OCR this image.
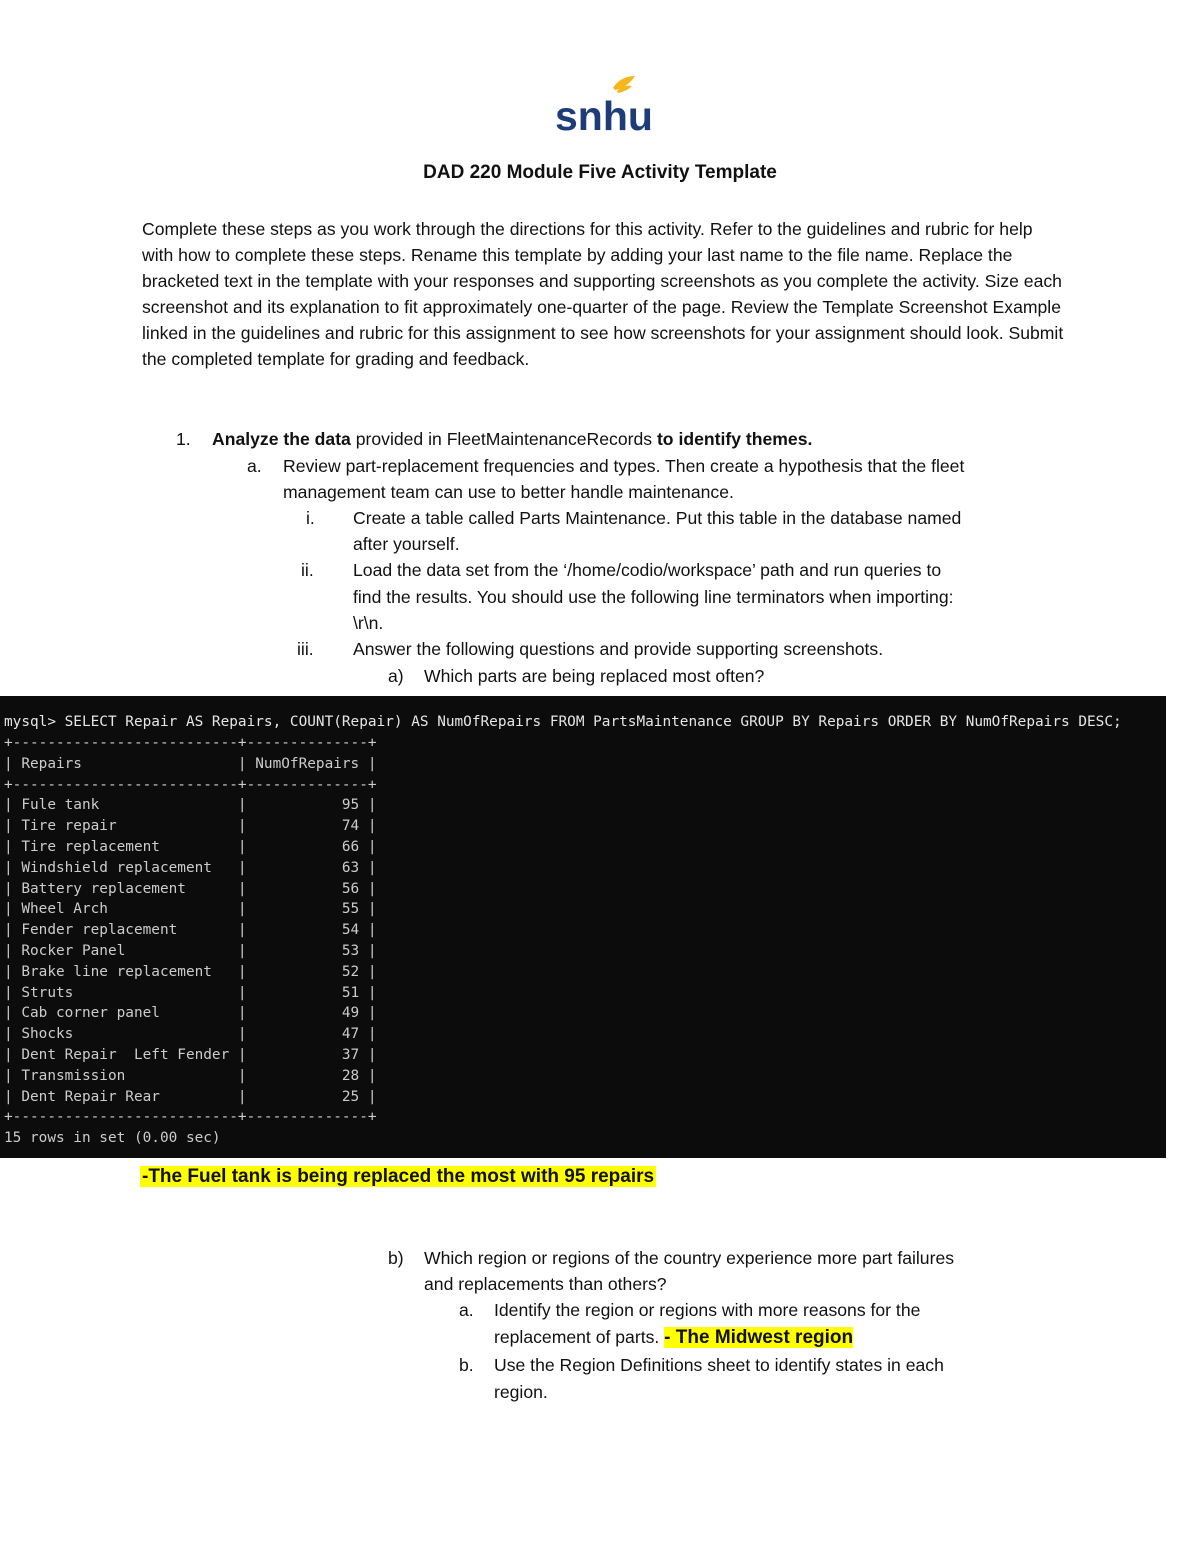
snhu
DAD 220 Module Five Activity Template
Complete these steps as you work through the directions for this activity. Refer to the guidelines and rubric for help with how to complete these steps. Rename this template by adding your last name to the file name. Replace the bracketed text in the template with your responses and supporting screenshots as you complete the activity. Size each screenshot and its explanation to fit approximately one-quarter of the page. Review the Template Screenshot Example linked in the guidelines and rubric for this assignment to see how screenshots for your assignment should look. Submit the completed template for grading and feedback.
1. Analyze the data provided in FleetMaintenanceRecords to identify themes.
a. Review part-replacement frequencies and types. Then create a hypothesis that the fleet
management team can use to better handle maintenance.
i. Create a table called Parts Maintenance. Put this table in the database named
after yourself.
ii. Load the data set from the ‘/home/codio/workspace’ path and run queries to
find the results. You should use the following line terminators when importing:
\r\n.
iii. Answer the following questions and provide supporting screenshots.
a) Which parts are being replaced most often?
mysql> SELECT Repair AS Repairs, COUNT(Repair) AS NumOfRepairs FROM PartsMaintenance GROUP BY Repairs ORDER BY NumOfRepairs DESC;
+--------------------------+--------------+
| Repairs                  | NumOfRepairs |
+--------------------------+--------------+
| Fule tank                |           95 |
| Tire repair              |           74 |
| Tire replacement         |           66 |
| Windshield replacement   |           63 |
| Battery replacement      |           56 |
| Wheel Arch               |           55 |
| Fender replacement       |           54 |
| Rocker Panel             |           53 |
| Brake line replacement   |           52 |
| Struts                   |           51 |
| Cab corner panel         |           49 |
| Shocks                   |           47 |
| Dent Repair  Left Fender |           37 |
| Transmission             |           28 |
| Dent Repair Rear         |           25 |
+--------------------------+--------------+
15 rows in set (0.00 sec)
-The Fuel tank is being replaced the most with 95 repairs
b) Which region or regions of the country experience more part failures
and replacements than others?
a. Identify the region or regions with more reasons for the
replacement of parts. - The Midwest region
b. Use the Region Definitions sheet to identify states in each
region.
